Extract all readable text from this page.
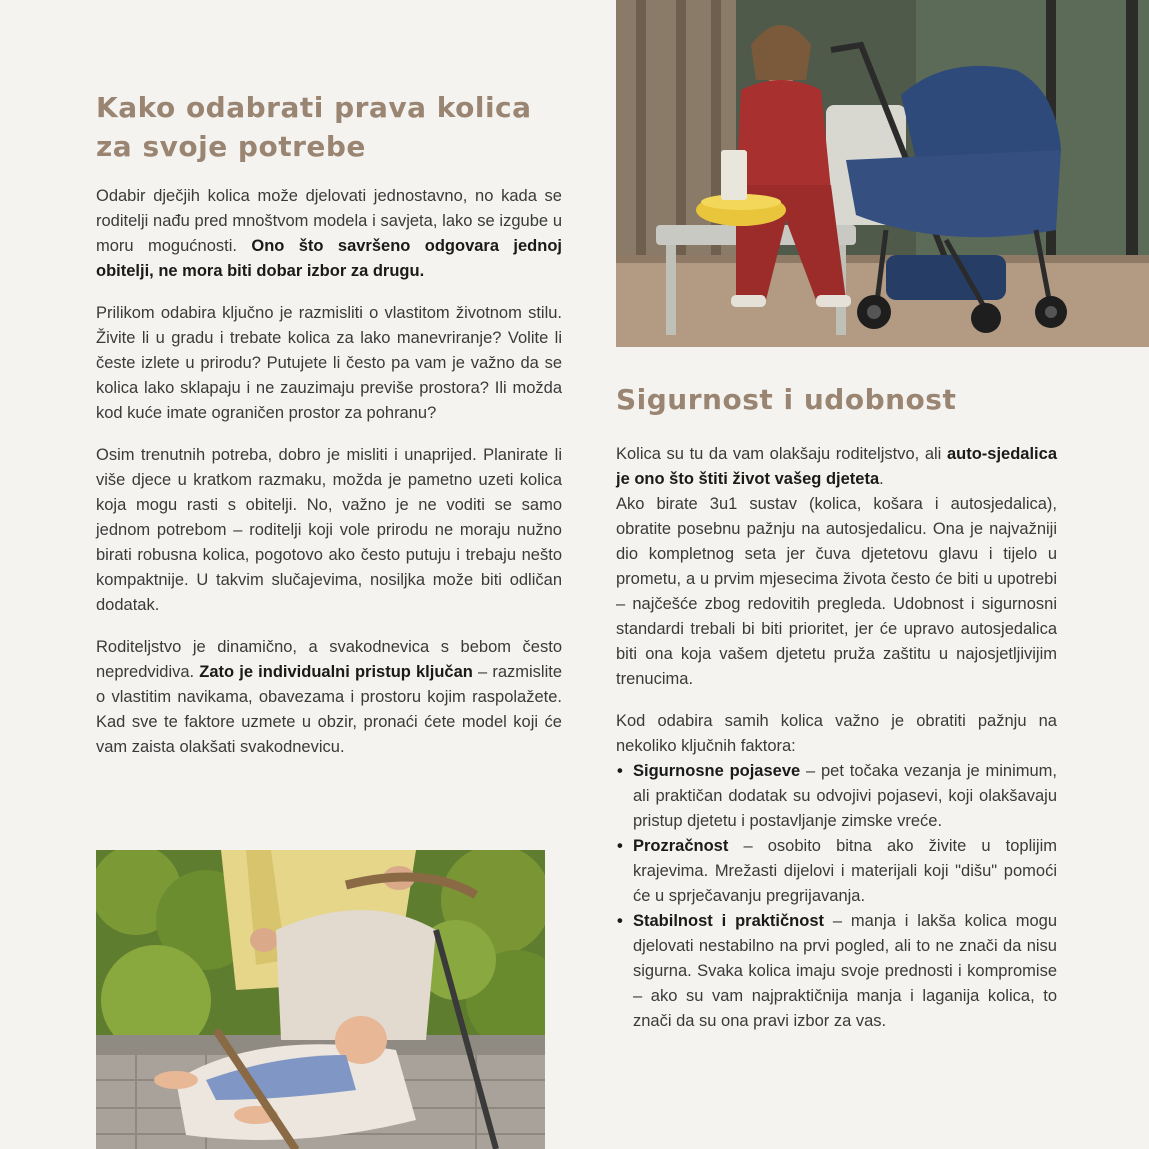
Kako odabrati prava kolica
za svoje potrebe

Odabir dječjih kolica može djelovati jednostavno, no kada se roditelji nađu pred mnoštvom modela i savjeta, lako se izgube u moru mogućnosti. Ono što savršeno odgovara jednoj obitelji, ne mora biti dobar izbor za drugu.

Prilikom odabira ključno je razmisliti o vlastitom životnom stilu. Živite li u gradu i trebate kolica za lako manevriranje? Volite li česte izlete u prirodu? Putujete li često pa vam je važno da se kolica lako sklapaju i ne zauzimaju previše prostora? Ili možda kod kuće imate ograničen prostor za pohranu?

Osim trenutnih potreba, dobro je misliti i unaprijed. Planirate li više djece u kratkom razmaku, možda je pametno uzeti kolica koja mogu rasti s obitelji. No, važno je ne voditi se samo jednom potrebom – roditelji koji vole prirodu ne moraju nužno birati robusna kolica, pogotovo ako često putuju i trebaju nešto kompaktnije. U takvim slučajevima, nosiljka može biti odličan dodatak.

Roditeljstvo je dinamično, a svakodnevica s bebom često nepredvidiva. Zato je individualni pristup ključan – razmislite o vlastitim navikama, obavezama i prostoru kojim raspolažete. Kad sve te faktore uzmete u obzir, pronaći ćete model koji će vam zaista olakšati svakodnevicu.

Sigurnost i udobnost

Kolica su tu da vam olakšaju roditeljstvo, ali auto-sjedalica je ono što štiti život vašeg djeteta.
Ako birate 3u1 sustav (kolica, košara i autosjedalica), obratite posebnu pažnju na autosjedalicu. Ona je najvažniji dio kompletnog seta jer čuva djetetovu glavu i tijelo u prometu, a u prvim mjesecima života često će biti u upotrebi – najčešće zbog redovitih pregleda. Udobnost i sigurnosni standardi trebali bi biti prioritet, jer će upravo autosjedalica biti ona koja vašem djetetu pruža zaštitu u najosjetljivijim trenucima.

Kod odabira samih kolica važno je obratiti pažnju na nekoliko ključnih faktora:

• Sigurnosne pojaseve – pet točaka vezanja je minimum, ali praktičan dodatak su odvojivi pojasevi, koji olakšavaju pristup djetetu i postavljanje zimske vreće.
• Prozračnost – osobito bitna ako živite u toplijim krajevima. Mrežasti dijelovi i materijali koji "dišu" pomoći će u sprječavanju pregrijavanja.
• Stabilnost i praktičnost – manja i lakša kolica mogu djelovati nestabilno na prvi pogled, ali to ne znači da nisu sigurna. Svaka kolica imaju svoje prednosti i kompromise – ako su vam najpraktičnija manja i laganija kolica, to znači da su ona pravi izbor za vas.
